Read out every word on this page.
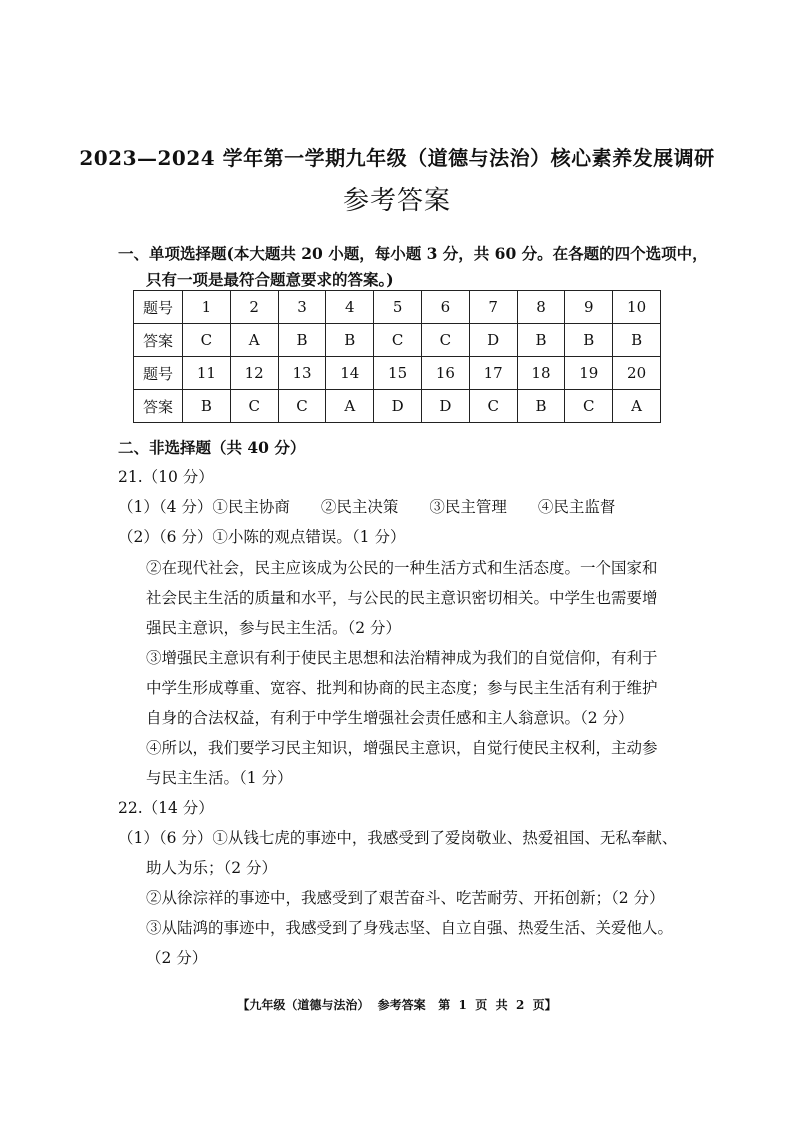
2023—2024 学年第一学期九年级（道德与法治）核心素养发展调研
参考答案
一、单项选择题(本大题共 20 小题，每小题 3 分，共 60 分。在各题的四个选项中，
只有一项是最符合题意要求的答案。)
题号	1	2	3	4	5	6	7	8	9	10
答案	C	A	B	B	C	C	D	B	B	B
题号	11	12	13	14	15	16	17	18	19	20
答案	B	C	C	A	D	D	C	B	C	A
二、非选择题（共 40 分）
21.（10 分）
（1）（4 分）①民主协商　　②民主决策　　③民主管理　　④民主监督
（2）（6 分）①小陈的观点错误。（1 分）
②在现代社会，民主应该成为公民的一种生活方式和生活态度。一个国家和
社会民主生活的质量和水平，与公民的民主意识密切相关。中学生也需要增
强民主意识，参与民主生活。（2 分）
③增强民主意识有利于使民主思想和法治精神成为我们的自觉信仰，有利于
中学生形成尊重、宽容、批判和协商的民主态度；参与民主生活有利于维护
自身的合法权益，有利于中学生增强社会责任感和主人翁意识。（2 分）
④所以，我们要学习民主知识，增强民主意识，自觉行使民主权利，主动参
与民主生活。（1 分）
22.（14 分）
（1）（6 分）①从钱七虎的事迹中，我感受到了爱岗敬业、热爱祖国、无私奉献、
助人为乐；（2 分）
②从徐淙祥的事迹中，我感受到了艰苦奋斗、吃苦耐劳、开拓创新；（2 分）
③从陆鸿的事迹中，我感受到了身残志坚、自立自强、热爱生活、关爱他人。
（2 分）
【九年级（道德与法治）  参考答案   第  1  页  共  2  页】
